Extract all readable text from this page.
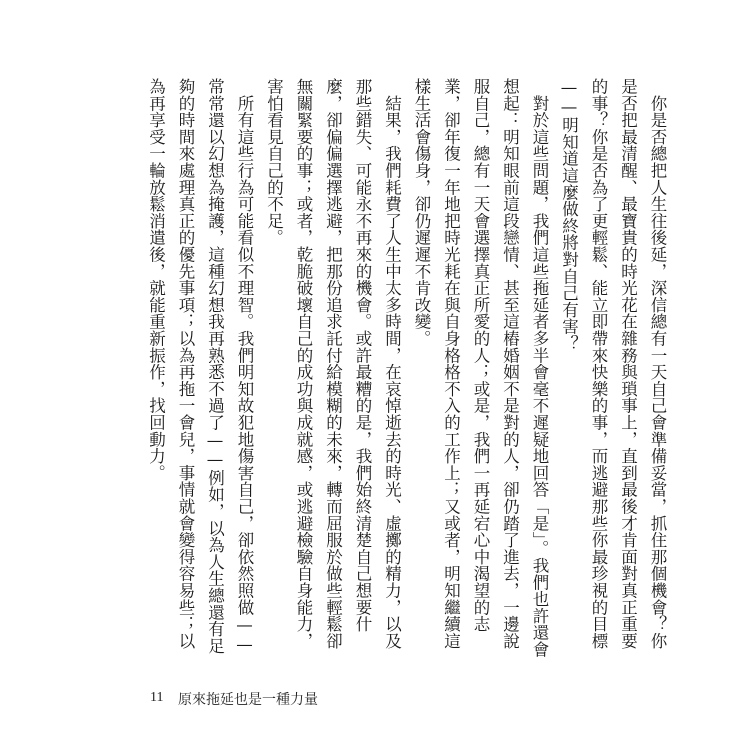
你是否總把人生往後延，深信總有一天自己會準備妥當，抓住那個機會？你是否把最清醒、最寶貴的時光花在雜務與瑣事上，直到最後才肯面對真正重要的事？你是否為了更輕鬆、能立即帶來快樂的事，而逃避那些你最珍視的目標——明知道這麼做終將對自己有害？

對於這些問題，我們這些拖延者多半會毫不遲疑地回答「是」。我們也許還會想起：明知眼前這段戀情、甚至這樁婚姻不是對的人，卻仍踏了進去，一邊說服自己，總有一天會選擇真正所愛的人；或是，我們一再延宕心中渴望的志業，卻年復一年地把時光耗在與自身格格不入的工作上；又或者，明知繼續這樣生活會傷身，卻仍遲遲不肯改變。

結果，我們耗費了人生中太多時間，在哀悼逝去的時光、虛擲的精力，以及那些錯失、可能永不再來的機會。或許最糟的是，我們始終清楚自己想要什麼，卻偏偏選擇逃避，把那份追求託付給模糊的未來，轉而屈服於做些輕鬆卻無關緊要的事；或者，乾脆破壞自己的成功與成就感，或逃避檢驗自身能力，害怕看見自己的不足。

所有這些行為可能看似不理智。我們明知故犯地傷害自己，卻依然照做——常常還以幻想為掩護，這種幻想我再熟悉不過了——例如，以為人生總還有足夠的時間來處理真正的優先事項；以為再拖一會兒，事情就會變得容易些；以為再享受一輪放鬆消遣後，就能重新振作，找回動力。

11 原來拖延也是一種力量
